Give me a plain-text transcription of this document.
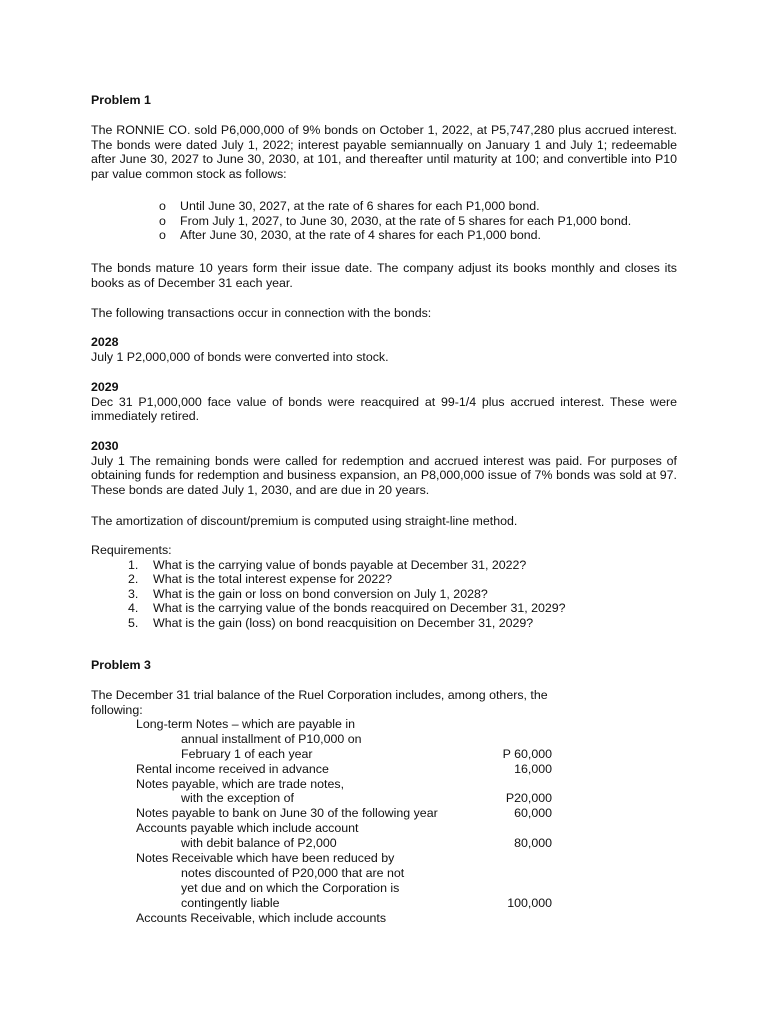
Problem 1

The RONNIE CO. sold P6,000,000 of 9% bonds on October 1, 2022, at P5,747,280 plus accrued interest. The bonds were dated July 1, 2022; interest payable semiannually on January 1 and July 1; redeemable after June 30, 2027 to June 30, 2030, at 101, and thereafter until maturity at 100; and convertible into P10 par value common stock as follows:

o Until June 30, 2027, at the rate of 6 shares for each P1,000 bond.
o From July 1, 2027, to June 30, 2030, at the rate of 5 shares for each P1,000 bond.
o After June 30, 2030, at the rate of 4 shares for each P1,000 bond.

The bonds mature 10 years form their issue date. The company adjust its books monthly and closes its books as of December 31 each year.

The following transactions occur in connection with the bonds:

2028

July 1 P2,000,000 of bonds were converted into stock.

2029

Dec 31 P1,000,000 face value of bonds were reacquired at 99-1/4 plus accrued interest. These were immediately retired.

2030

July 1 The remaining bonds were called for redemption and accrued interest was paid. For purposes of obtaining funds for redemption and business expansion, an P8,000,000 issue of 7% bonds was sold at 97. These bonds are dated July 1, 2030, and are due in 20 years.

The amortization of discount/premium is computed using straight-line method.

Requirements:

1. What is the carrying value of bonds payable at December 31, 2022?
2. What is the total interest expense for 2022?
3. What is the gain or loss on bond conversion on July 1, 2028?
4. What is the carrying value of the bonds reacquired on December 31, 2029?
5. What is the gain (loss) on bond reacquisition on December 31, 2029?

Problem 3

The December 31 trial balance of the Ruel Corporation includes, among others, the

following:

Long-term Notes – which are payable in
annual installment of P10,000 on
February 1 of each year	P 60,000
Rental income received in advance	16,000
Notes payable, which are trade notes,
with the exception of	P20,000
Notes payable to bank on June 30 of the following year	60,000
Accounts payable which include account
with debit balance of P2,000	80,000
Notes Receivable which have been reduced by
notes discounted of P20,000 that are not
yet due and on which the Corporation is
contingently liable	100,000
Accounts Receivable, which include accounts
